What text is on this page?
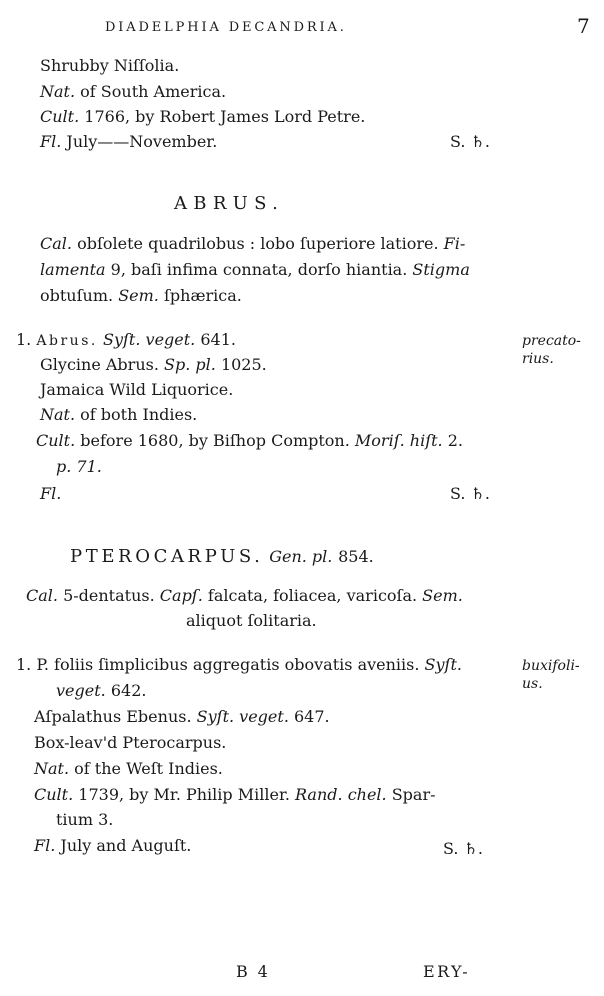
DIADELPHIA DECANDRIA.	7
Shrubby Niſſolia.
Nat. of South America.
Cult. 1766, by Robert James Lord Petre.
Fl. July——November.	S. ♄.
ABRUS.
Cal. obſolete quadrilobus : lobo ſuperiore latiore. Fi-
lamenta 9, baſi infima connata, dorſo hiantia. Stigma
obtuſum. Sem. ſphærica.
1. Abrus. Syſt. veget. 641.	precato-
rius.
Glycine Abrus. Sp. pl. 1025.
Jamaica Wild Liquorice.
Nat. of both Indies.
Cult. before 1680, by Biſhop Compton. Moriſ. hiſt. 2.
p. 71.
Fl.	S. ♄.
PTEROCARPUS. Gen. pl. 854.
Cal. 5-dentatus. Capſ. falcata, foliacea, varicoſa. Sem.
aliquot ſolitaria.
1. P. foliis ſimplicibus aggregatis obovatis aveniis. Syſt.	buxifoli-
us.
veget. 642.
Aſpalathus Ebenus. Syſt. veget. 647.
Box-leav'd Pterocarpus.
Nat. of the Weſt Indies.
Cult. 1739, by Mr. Philip Miller. Rand. chel. Spar-
tium 3.
Fl. July and Auguſt.	S. ♄.
B 4	ERY-
